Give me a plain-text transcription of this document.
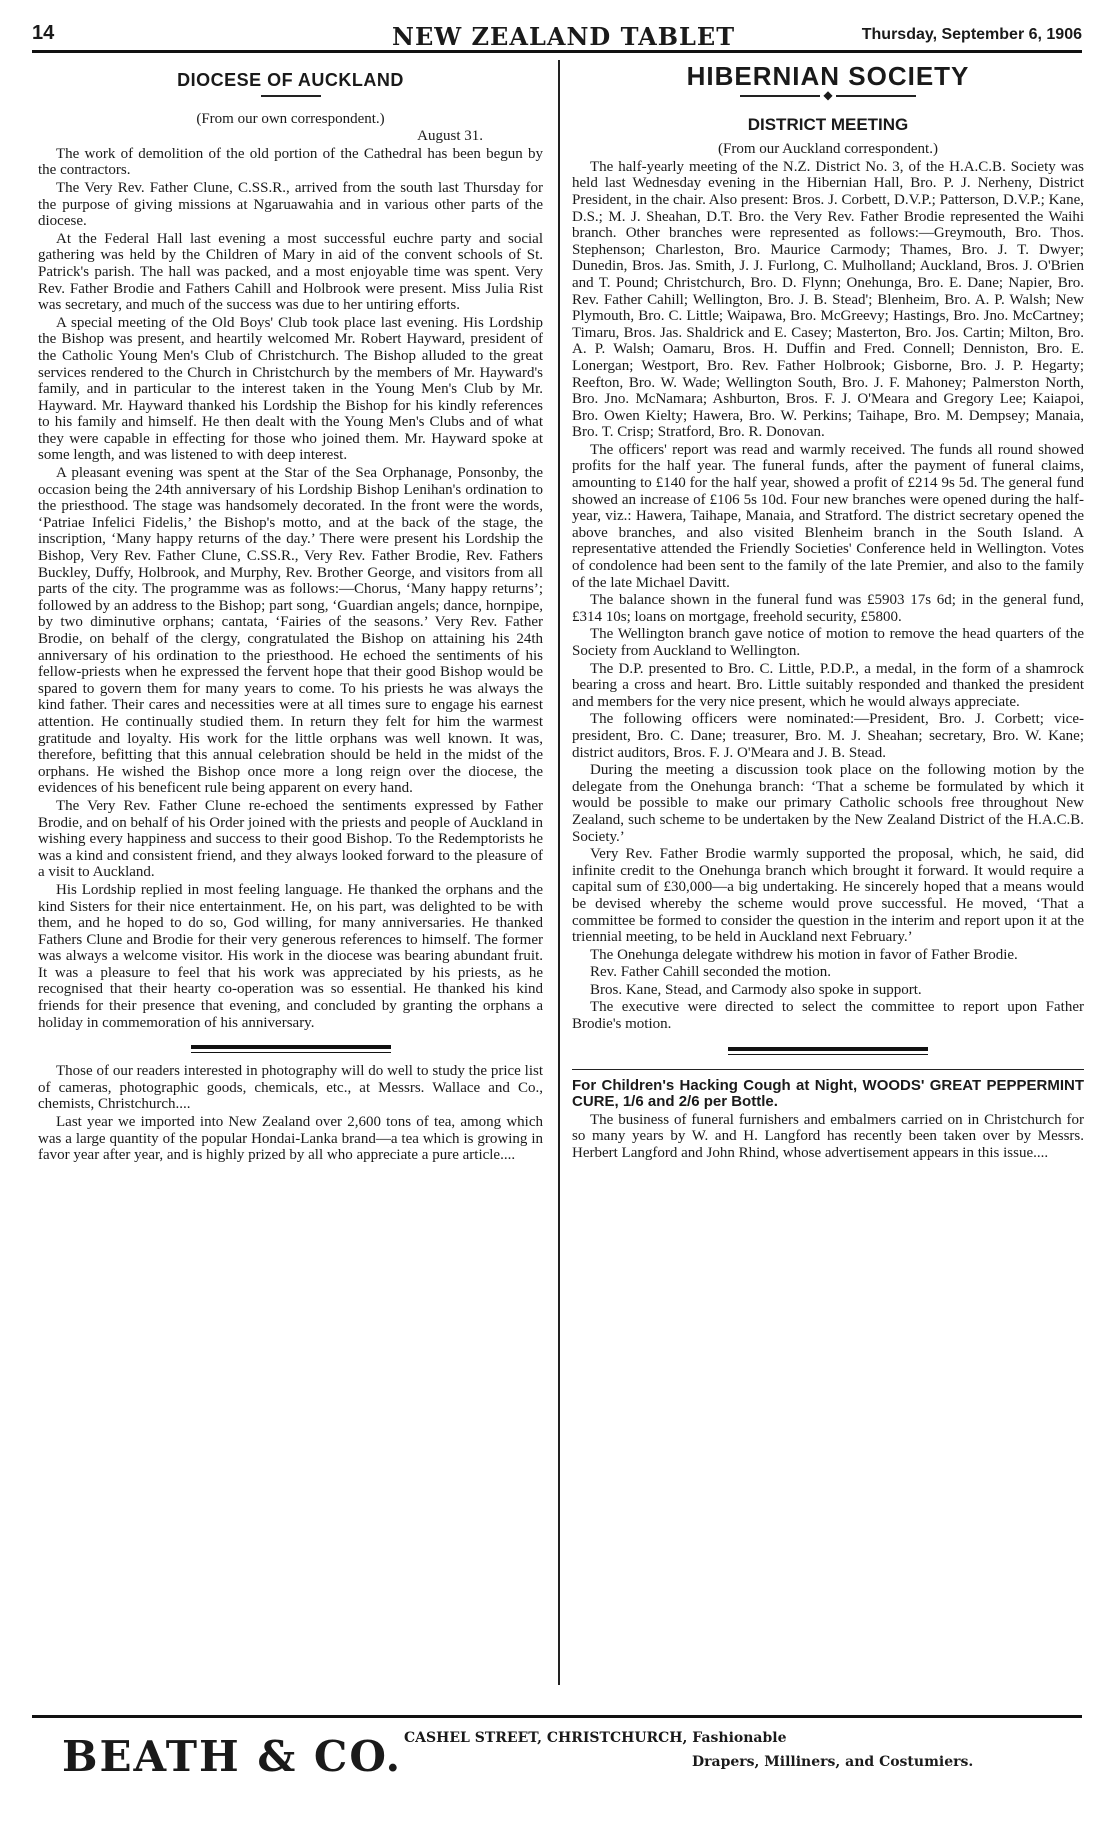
14	NEW ZEALAND TABLET	Thursday, September 6, 1906
DIOCESE OF AUCKLAND

(From our own correspondent.)

August 31.

The work of demolition of the old portion of the Cathedral has been begun by the contractors.

The Very Rev. Father Clune, C.SS.R., arrived from the south last Thursday for the purpose of giving missions at Ngaruawahia and in various other parts of the diocese.

At the Federal Hall last evening a most successful euchre party and social gathering was held by the Children of Mary in aid of the convent schools of St. Patrick's parish. The hall was packed, and a most enjoyable time was spent. Very Rev. Father Brodie and Fathers Cahill and Holbrook were present. Miss Julia Rist was secretary, and much of the success was due to her untiring efforts.

A special meeting of the Old Boys' Club took place last evening. His Lordship the Bishop was present, and heartily welcomed Mr. Robert Hayward, president of the Catholic Young Men's Club of Christchurch. The Bishop alluded to the great services rendered to the Church in Christchurch by the members of Mr. Hayward's family, and in particular to the interest taken in the Young Men's Club by Mr. Hayward. Mr. Hayward thanked his Lordship the Bishop for his kindly references to his family and himself. He then dealt with the Young Men's Clubs and of what they were capable in effecting for those who joined them. Mr. Hayward spoke at some length, and was listened to with deep interest.

A pleasant evening was spent at the Star of the Sea Orphanage, Ponsonby, the occasion being the 24th anniversary of his Lordship Bishop Lenihan's ordination to the priesthood. The stage was handsomely decorated. In the front were the words, ‘Patriae Infelici Fidelis,’ the Bishop's motto, and at the back of the stage, the inscription, ‘Many happy returns of the day.’ There were present his Lordship the Bishop, Very Rev. Father Clune, C.SS.R., Very Rev. Father Brodie, Rev. Fathers Buckley, Duffy, Holbrook, and Murphy, Rev. Brother George, and visitors from all parts of the city. The programme was as follows:—Chorus, ‘Many happy returns’; followed by an address to the Bishop; part song, ‘Guardian angels; dance, hornpipe, by two diminutive orphans; cantata, ‘Fairies of the seasons.’ Very Rev. Father Brodie, on behalf of the clergy, congratulated the Bishop on attaining his 24th anniversary of his ordination to the priesthood. He echoed the sentiments of his fellow-priests when he expressed the fervent hope that their good Bishop would be spared to govern them for many years to come. To his priests he was always the kind father. Their cares and necessities were at all times sure to engage his earnest attention. He continually studied them. In return they felt for him the warmest gratitude and loyalty. His work for the little orphans was well known. It was, therefore, befitting that this annual celebration should be held in the midst of the orphans. He wished the Bishop once more a long reign over the diocese, the evidences of his beneficent rule being apparent on every hand.

The Very Rev. Father Clune re-echoed the sentiments expressed by Father Brodie, and on behalf of his Order joined with the priests and people of Auckland in wishing every happiness and success to their good Bishop. To the Redemptorists he was a kind and consistent friend, and they always looked forward to the pleasure of a visit to Auckland.

His Lordship replied in most feeling language. He thanked the orphans and the kind Sisters for their nice entertainment. He, on his part, was delighted to be with them, and he hoped to do so, God willing, for many anniversaries. He thanked Fathers Clune and Brodie for their very generous references to himself. The former was always a welcome visitor. His work in the diocese was bearing abundant fruit. It was a pleasure to feel that his work was appreciated by his priests, as he recognised that their hearty co-operation was so essential. He thanked his kind friends for their presence that evening, and concluded by granting the orphans a holiday in commemoration of his anniversary.

Those of our readers interested in photography will do well to study the price list of cameras, photographic goods, chemicals, etc., at Messrs. Wallace and Co., chemists, Christchurch....

Last year we imported into New Zealand over 2,600 tons of tea, among which was a large quantity of the popular Hondai-Lanka brand—a tea which is growing in favor year after year, and is highly prized by all who appreciate a pure article....

HIBERNIAN SOCIETY
◆
DISTRICT MEETING

(From our Auckland correspondent.)

The half-yearly meeting of the N.Z. District No. 3, of the H.A.C.B. Society was held last Wednesday evening in the Hibernian Hall, Bro. P. J. Nerheny, District President, in the chair. Also present: Bros. J. Corbett, D.V.P.; Patterson, D.V.P.; Kane, D.S.; M. J. Sheahan, D.T. Bro. the Very Rev. Father Brodie represented the Waihi branch. Other branches were represented as follows:—Greymouth, Bro. Thos. Stephenson; Charleston, Bro. Maurice Carmody; Thames, Bro. J. T. Dwyer; Dunedin, Bros. Jas. Smith, J. J. Furlong, C. Mulholland; Auckland, Bros. J. O'Brien and T. Pound; Christchurch, Bro. D. Flynn; Onehunga, Bro. E. Dane; Napier, Bro. Rev. Father Cahill; Wellington, Bro. J. B. Stead'; Blenheim, Bro. A. P. Walsh; New Plymouth, Bro. C. Little; Waipawa, Bro. McGreevy; Hastings, Bro. Jno. McCartney; Timaru, Bros. Jas. Shaldrick and E. Casey; Masterton, Bro. Jos. Cartin; Milton, Bro. A. P. Walsh; Oamaru, Bros. H. Duffin and Fred. Connell; Denniston, Bro. E. Lonergan; Westport, Bro. Rev. Father Holbrook; Gisborne, Bro. J. P. Hegarty; Reefton, Bro. W. Wade; Wellington South, Bro. J. F. Mahoney; Palmerston North, Bro. Jno. McNamara; Ashburton, Bros. F. J. O'Meara and Gregory Lee; Kaiapoi, Bro. Owen Kielty; Hawera, Bro. W. Perkins; Taihape, Bro. M. Dempsey; Manaia, Bro. T. Crisp; Stratford, Bro. R. Donovan.

The officers' report was read and warmly received. The funds all round showed profits for the half year. The funeral funds, after the payment of funeral claims, amounting to £140 for the half year, showed a profit of £214 9s 5d. The general fund showed an increase of £106 5s 10d. Four new branches were opened during the half-year, viz.: Hawera, Taihape, Manaia, and Stratford. The district secretary opened the above branches, and also visited Blenheim branch in the South Island. A representative attended the Friendly Societies' Conference held in Wellington. Votes of condolence had been sent to the family of the late Premier, and also to the family of the late Michael Davitt.

The balance shown in the funeral fund was £5903 17s 6d; in the general fund, £314 10s; loans on mortgage, freehold security, £5800.

The Wellington branch gave notice of motion to remove the head quarters of the Society from Auckland to Wellington.

The D.P. presented to Bro. C. Little, P.D.P., a medal, in the form of a shamrock bearing a cross and heart. Bro. Little suitably responded and thanked the president and members for the very nice present, which he would always appreciate.

The following officers were nominated:—President, Bro. J. Corbett; vice-president, Bro. C. Dane; treasurer, Bro. M. J. Sheahan; secretary, Bro. W. Kane; district auditors, Bros. F. J. O'Meara and J. B. Stead.

During the meeting a discussion took place on the following motion by the delegate from the Onehunga branch: ‘That a scheme be formulated by which it would be possible to make our primary Catholic schools free throughout New Zealand, such scheme to be undertaken by the New Zealand District of the H.A.C.B. Society.’

Very Rev. Father Brodie warmly supported the proposal, which, he said, did infinite credit to the Onehunga branch which brought it forward. It would require a capital sum of £30,000—a big undertaking. He sincerely hoped that a means would be devised whereby the scheme would prove successful. He moved, ‘That a committee be formed to consider the question in the interim and report upon it at the triennial meeting, to be held in Auckland next February.’

The Onehunga delegate withdrew his motion in favor of Father Brodie.

Rev. Father Cahill seconded the motion.

Bros. Kane, Stead, and Carmody also spoke in support.

The executive were directed to select the committee to report upon Father Brodie's motion.

For Children's Hacking Cough at Night, WOODS' GREAT PEPPERMINT CURE, 1/6 and 2/6 per Bottle.

The business of funeral furnishers and embalmers carried on in Christchurch for so many years by W. and H. Langford has recently been taken over by Messrs. Herbert Langford and John Rhind, whose advertisement appears in this issue....

BEATH & CO. CASHEL STREET, CHRISTCHURCH, Fashionable
Drapers, Milliners, and Costumiers.
